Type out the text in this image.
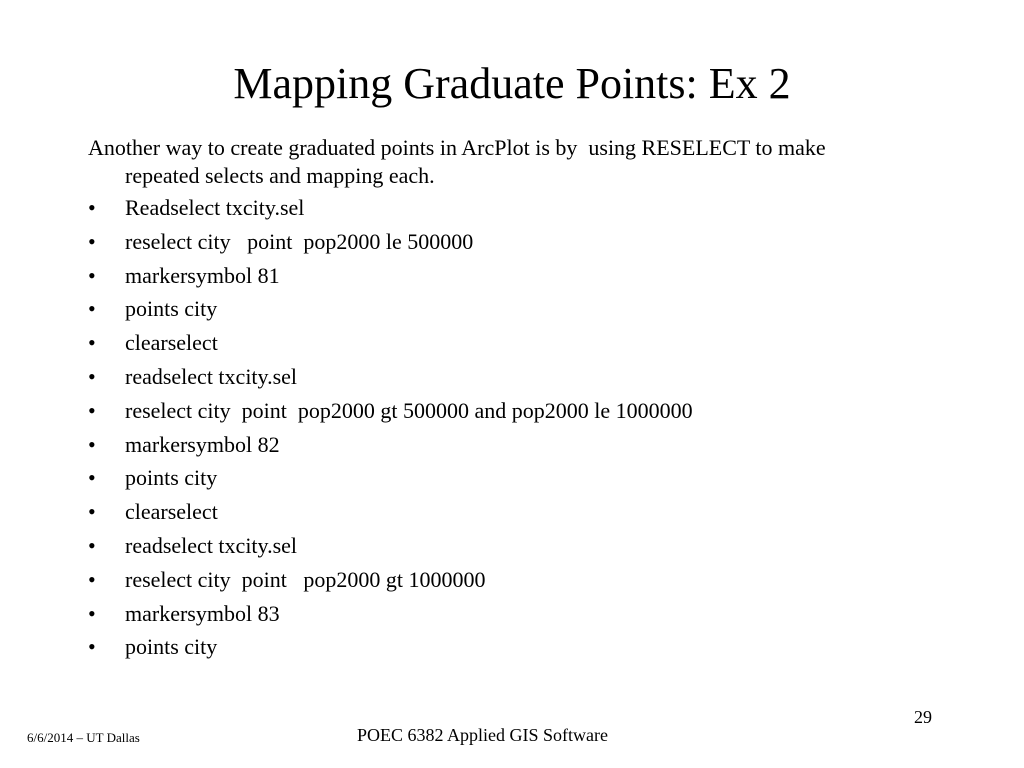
Mapping Graduate Points: Ex 2
Another way to create graduated points in ArcPlot is by  using RESELECT to make
repeated selects and mapping each.
• Readselect txcity.sel
• reselect city   point  pop2000 le 500000
• markersymbol 81
• points city
• clearselect
• readselect txcity.sel
• reselect city  point  pop2000 gt 500000 and pop2000 le 1000000
• markersymbol 82
• points city
• clearselect
• readselect txcity.sel
• reselect city  point   pop2000 gt 1000000
• markersymbol 83
• points city
6/6/2014 – UT Dallas	POEC 6382 Applied GIS Software
29
